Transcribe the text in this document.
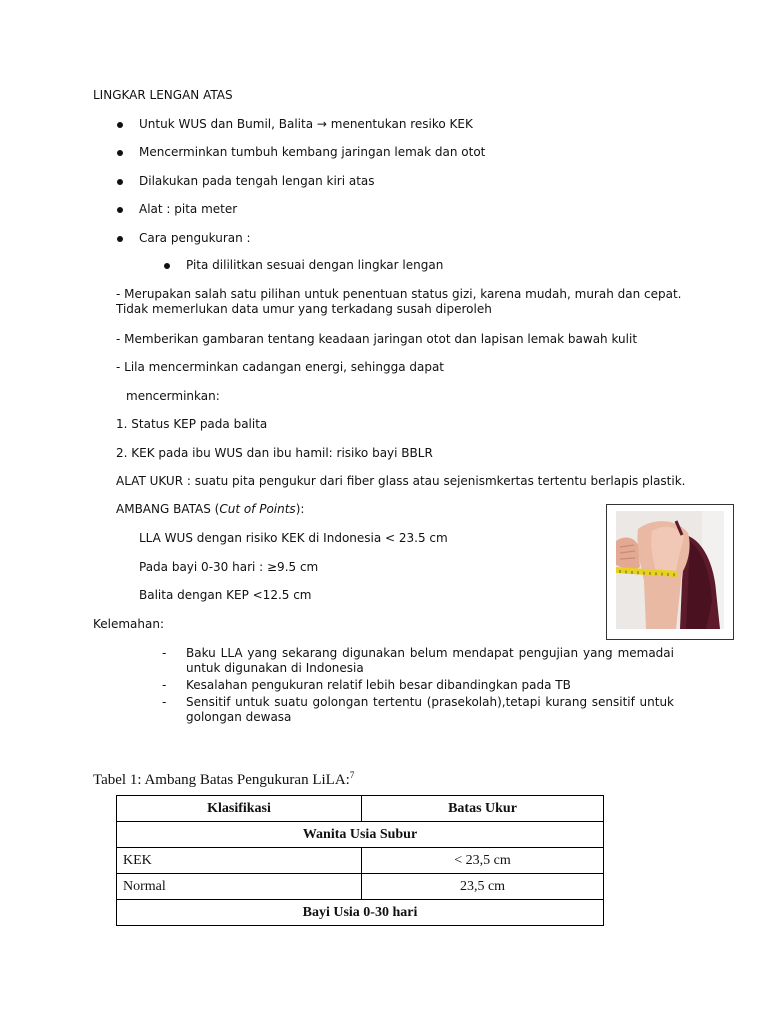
LINGKAR LENGAN ATAS
Untuk WUS dan Bumil, Balita → menentukan resiko KEK
Mencerminkan tumbuh kembang jaringan lemak dan otot
Dilakukan pada tengah lengan kiri atas
Alat : pita meter
Cara pengukuran :
Pita dililitkan sesuai dengan lingkar lengan
- Merupakan salah satu pilihan untuk penentuan status gizi, karena mudah, murah dan cepat.
Tidak memerlukan data umur yang terkadang susah diperoleh
- Memberikan gambaran tentang keadaan jaringan otot dan lapisan lemak bawah kulit
- Lila mencerminkan cadangan energi, sehingga dapat
mencerminkan:
1. Status KEP pada balita
2. KEK pada ibu WUS dan ibu hamil: risiko bayi BBLR
ALAT UKUR : suatu pita pengukur dari fiber glass atau sejenismkertas tertentu berlapis plastik.
AMBANG BATAS (Cut of Points):
LLA WUS dengan risiko KEK di Indonesia < 23.5 cm
Pada bayi 0-30 hari : ≥9.5 cm
Balita dengan KEP <12.5 cm
Kelemahan:
- Baku LLA yang sekarang digunakan belum mendapat pengujian yang memadai untuk digunakan di Indonesia
- Kesalahan pengukuran relatif lebih besar dibandingkan pada TB
- Sensitif untuk suatu golongan tertentu (prasekolah),tetapi kurang sensitif untuk golongan dewasa
Tabel 1: Ambang Batas Pengukuran LiLA:$^7$
Klasifikasi	Batas Ukur
Wanita Usia Subur	
KEK	< 23,5 cm
Normal	23,5 cm
Bayi Usia 0-30 hari	
